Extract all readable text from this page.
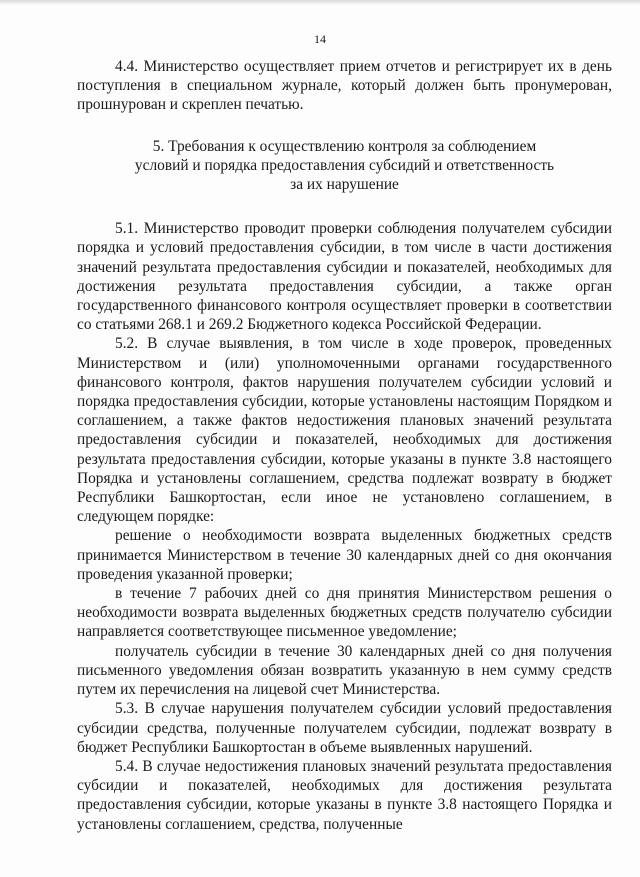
14

4.4. Министерство осуществляет прием отчетов и регистрирует их в день поступления в специальном журнале, который должен быть пронумерован, прошнурован и скреплен печатью.

5. Требования к осуществлению контроля за соблюдением
условий и порядка предоставления субсидий и ответственность
за их нарушение

5.1. Министерство проводит проверки соблюдения получателем субсидии порядка и условий предоставления субсидии, в том числе в части достижения значений результата предоставления субсидии и показателей, необходимых для достижения результата предоставления субсидии, а также орган государственного финансового контроля осуществляет проверки в соответствии со статьями 268.1 и 269.2 Бюджетного кодекса Российской Федерации.

5.2. В случае выявления, в том числе в ходе проверок, проведенных Министерством и (или) уполномоченными органами государственного финансового контроля, фактов нарушения получателем субсидии условий и порядка предоставления субсидии, которые установлены настоящим Порядком и соглашением, а также фактов недостижения плановых значений результата предоставления субсидии и показателей, необходимых для достижения результата предоставления субсидии, которые указаны в пункте 3.8 настоящего Порядка и установлены соглашением, средства подлежат возврату в бюджет Республики Башкортостан, если иное не установлено соглашением, в следующем порядке:

решение о необходимости возврата выделенных бюджетных средств принимается Министерством в течение 30 календарных дней со дня окончания проведения указанной проверки;

в течение 7 рабочих дней со дня принятия Министерством решения о необходимости возврата выделенных бюджетных средств получателю субсидии направляется соответствующее письменное уведомление;

получатель субсидии в течение 30 календарных дней со дня получения письменного уведомления обязан возвратить указанную в нем сумму средств путем их перечисления на лицевой счет Министерства.

5.3. В случае нарушения получателем субсидии условий предоставления субсидии средства, полученные получателем субсидии, подлежат возврату в бюджет Республики Башкортостан в объеме выявленных нарушений.

5.4. В случае недостижения плановых значений результата предоставления субсидии и показателей, необходимых для достижения результата предоставления субсидии, которые указаны в пункте 3.8 настоящего Порядка и установлены соглашением, средства, полученные
